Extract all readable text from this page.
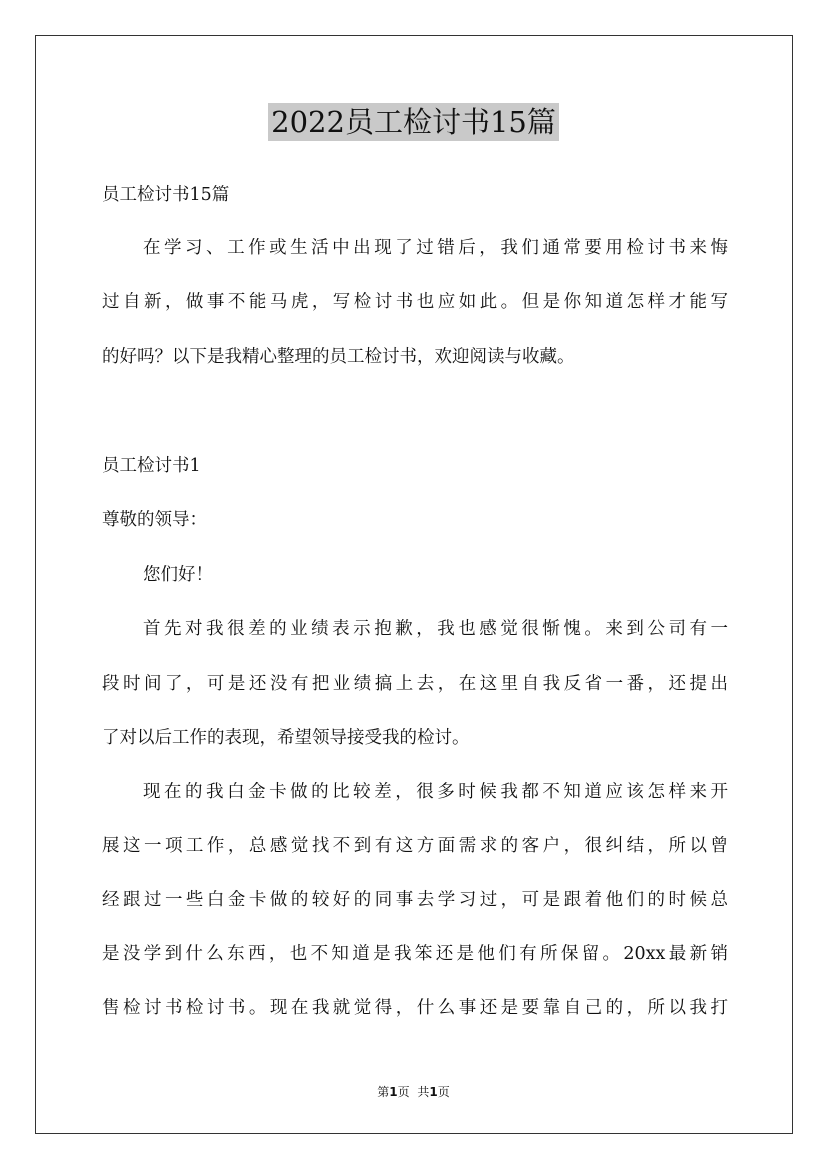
2022员工检讨书15篇
员工检讨书15篇
在学习、工作或生活中出现了过错后，我们通常要用检讨书来悔
过自新，做事不能马虎，写检讨书也应如此。但是你知道怎样才能写
的好吗？以下是我精心整理的员工检讨书，欢迎阅读与收藏。
员工检讨书1
尊敬的领导：
您们好！
首先对我很差的业绩表示抱歉，我也感觉很惭愧。来到公司有一
段时间了，可是还没有把业绩搞上去，在这里自我反省一番，还提出
了对以后工作的表现，希望领导接受我的检讨。
现在的我白金卡做的比较差，很多时候我都不知道应该怎样来开
展这一项工作，总感觉找不到有这方面需求的客户，很纠结，所以曾
经跟过一些白金卡做的较好的同事去学习过，可是跟着他们的时候总
是没学到什么东西，也不知道是我笨还是他们有所保留。20xx最新销
售检讨书检讨书。现在我就觉得，什么事还是要靠自己的，所以我打
第1页 共1页
